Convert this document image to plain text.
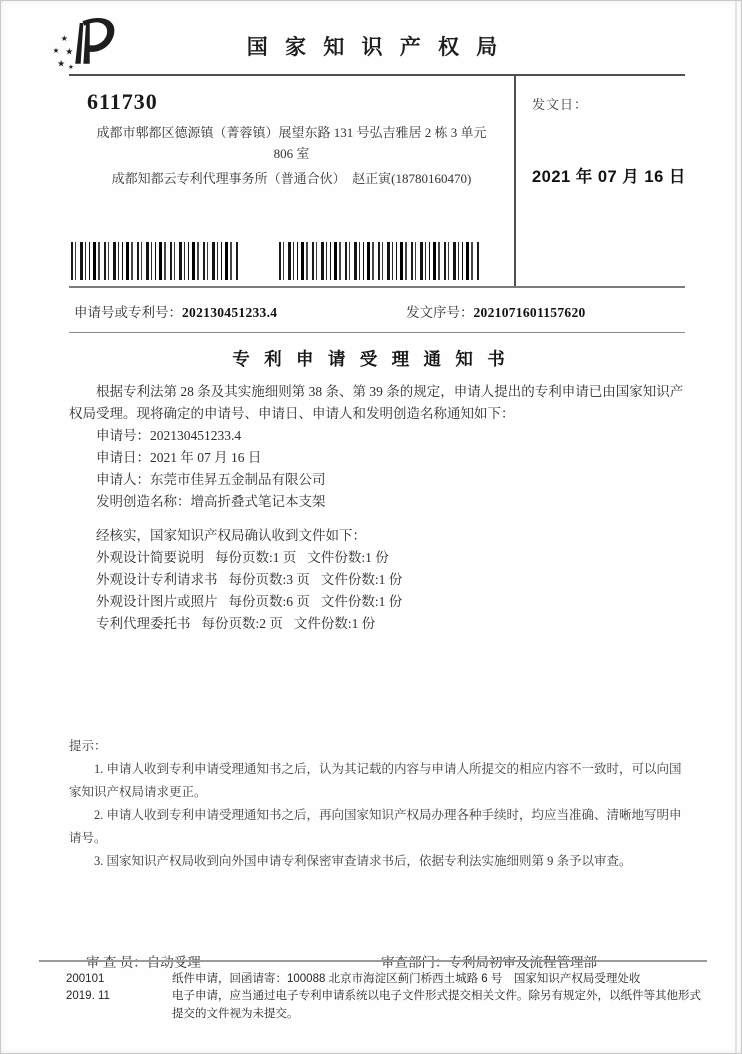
★
★ ★
★ ★
国 家 知 识 产 权 局
611730
成都市郫都区德源镇（菁蓉镇）展望东路 131 号弘吉雅居 2 栋 3 单元
806 室
成都知都云专利代理事务所（普通合伙）　赵正寅(18780160470)
发文日：
2021 年 07 月 16 日
申请号或专利号：202130451233.4	发文序号：2021071601157620
专 利 申 请 受 理 通 知 书

根据专利法第 28 条及其实施细则第 38 条、第 39 条的规定，申请人提出的专利申请已由国家知识产权局受理。现将确定的申请号、申请日、申请人和发明创造名称通知如下：

申请号：202130451233.4
申请日：2021 年 07 月 16 日
申请人：东莞市佳昇五金制品有限公司
发明创造名称：增高折叠式笔记本支架
经核实，国家知识产权局确认收到文件如下：
外观设计简要说明 每份页数:1 页 文件份数:1 份
外观设计专利请求书 每份页数:3 页 文件份数:1 份
外观设计图片或照片 每份页数:6 页 文件份数:1 份
专利代理委托书 每份页数:2 页 文件份数:1 份
提示：
1. 申请人收到专利申请受理通知书之后，认为其记载的内容与申请人所提交的相应内容不一致时，可以向国家知识产权局请求更正。
2. 申请人收到专利申请受理通知书之后，再向国家知识产权局办理各种手续时，均应当准确、清晰地写明申请号。
3. 国家知识产权局收到向外国申请专利保密审查请求书后，依据专利法实施细则第 9 条予以审查。
审 查 员：自动受理	审查部门：专利局初审及流程管理部
200101
2019. 11
纸件申请，回函请寄：100088 北京市海淀区蓟门桥西土城路 6 号　国家知识产权局受理处收
电子申请，应当通过电子专利申请系统以电子文件形式提交相关文件。除另有规定外，以纸件等其他形式提交的文件视为未提交。
